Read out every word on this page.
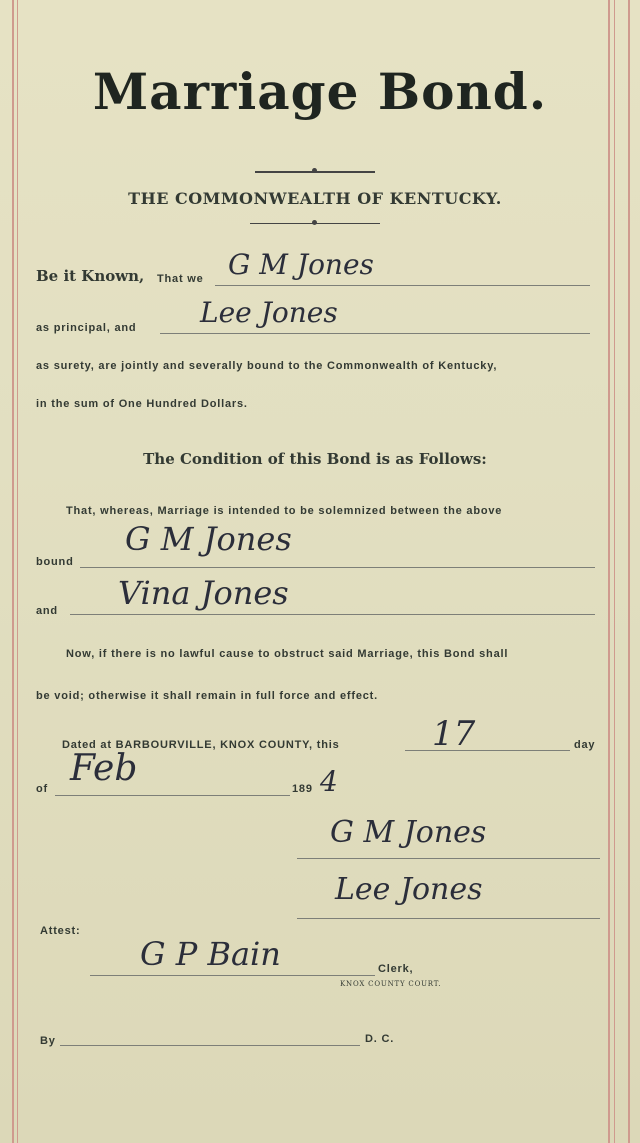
Marriage Bond.
THE COMMONWEALTH OF KENTUCKY.
Be it Known, That we G M Jones
as principal, and Lee Jones
as surety, are jointly and severally bound to the Commonwealth of Kentucky,
in the sum of One Hundred Dollars.
The Condition of this Bond is as Follows:
That, whereas, Marriage is intended to be solemnized between the above
bound
G M Jones
and Vina Jones
Now, if there is no lawful cause to obstruct said Marriage, this Bond shall
be void; otherwise it shall remain in full force and effect.
Dated at BARBOURVILLE, KNOX COUNTY, this	17	day
of Feb	189 4
G M Jones
Lee Jones
Attest:
G P Bain	Clerk,
KNOX COUNTY COURT.
By	D. C.
